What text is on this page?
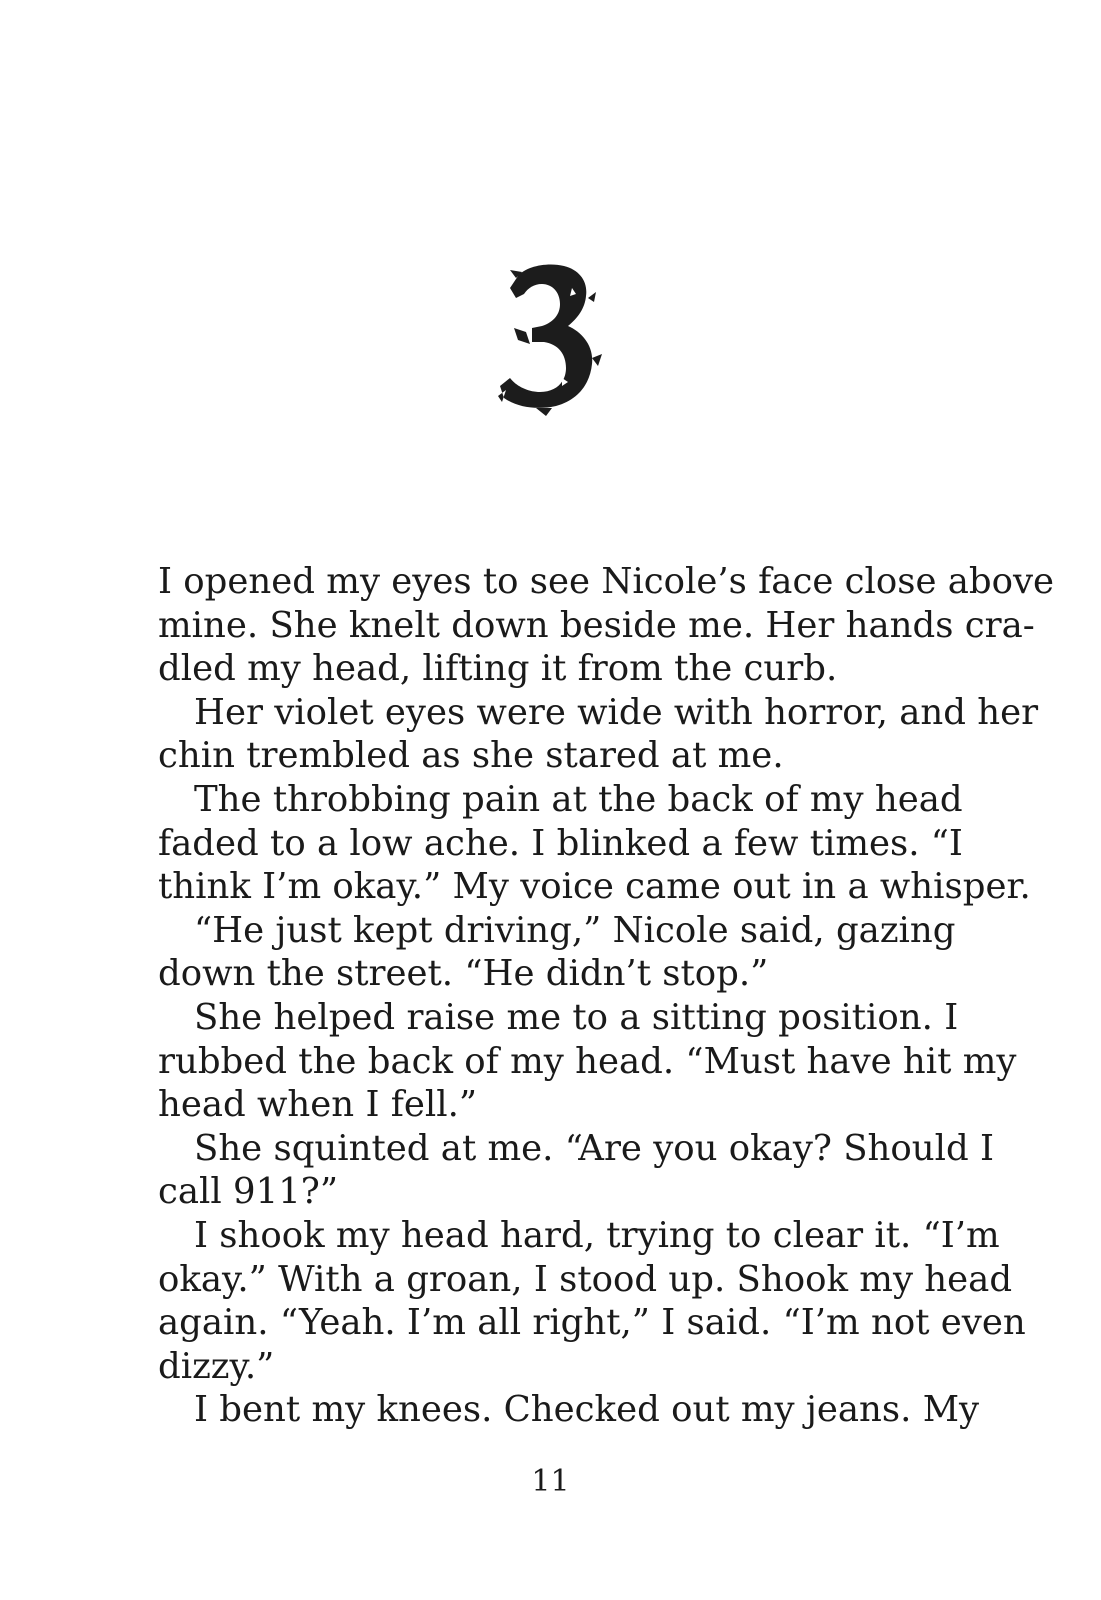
I opened my eyes to see Nicole’s face close above
mine. She knelt down beside me. Her hands cra-
dled my head, lifting it from the curb.
Her violet eyes were wide with horror, and her
chin trembled as she stared at me.
The throbbing pain at the back of my head
faded to a low ache. I blinked a few times. “I
think I’m okay.” My voice came out in a whisper.
“He just kept driving,” Nicole said, gazing
down the street. “He didn’t stop.”
She helped raise me to a sitting position. I
rubbed the back of my head. “Must have hit my
head when I fell.”
She squinted at me. “Are you okay? Should I
call 911?”
I shook my head hard, trying to clear it. “I’m
okay.” With a groan, I stood up. Shook my head
again. “Yeah. I’m all right,” I said. “I’m not even
dizzy.”
I bent my knees. Checked out my jeans. My
11
